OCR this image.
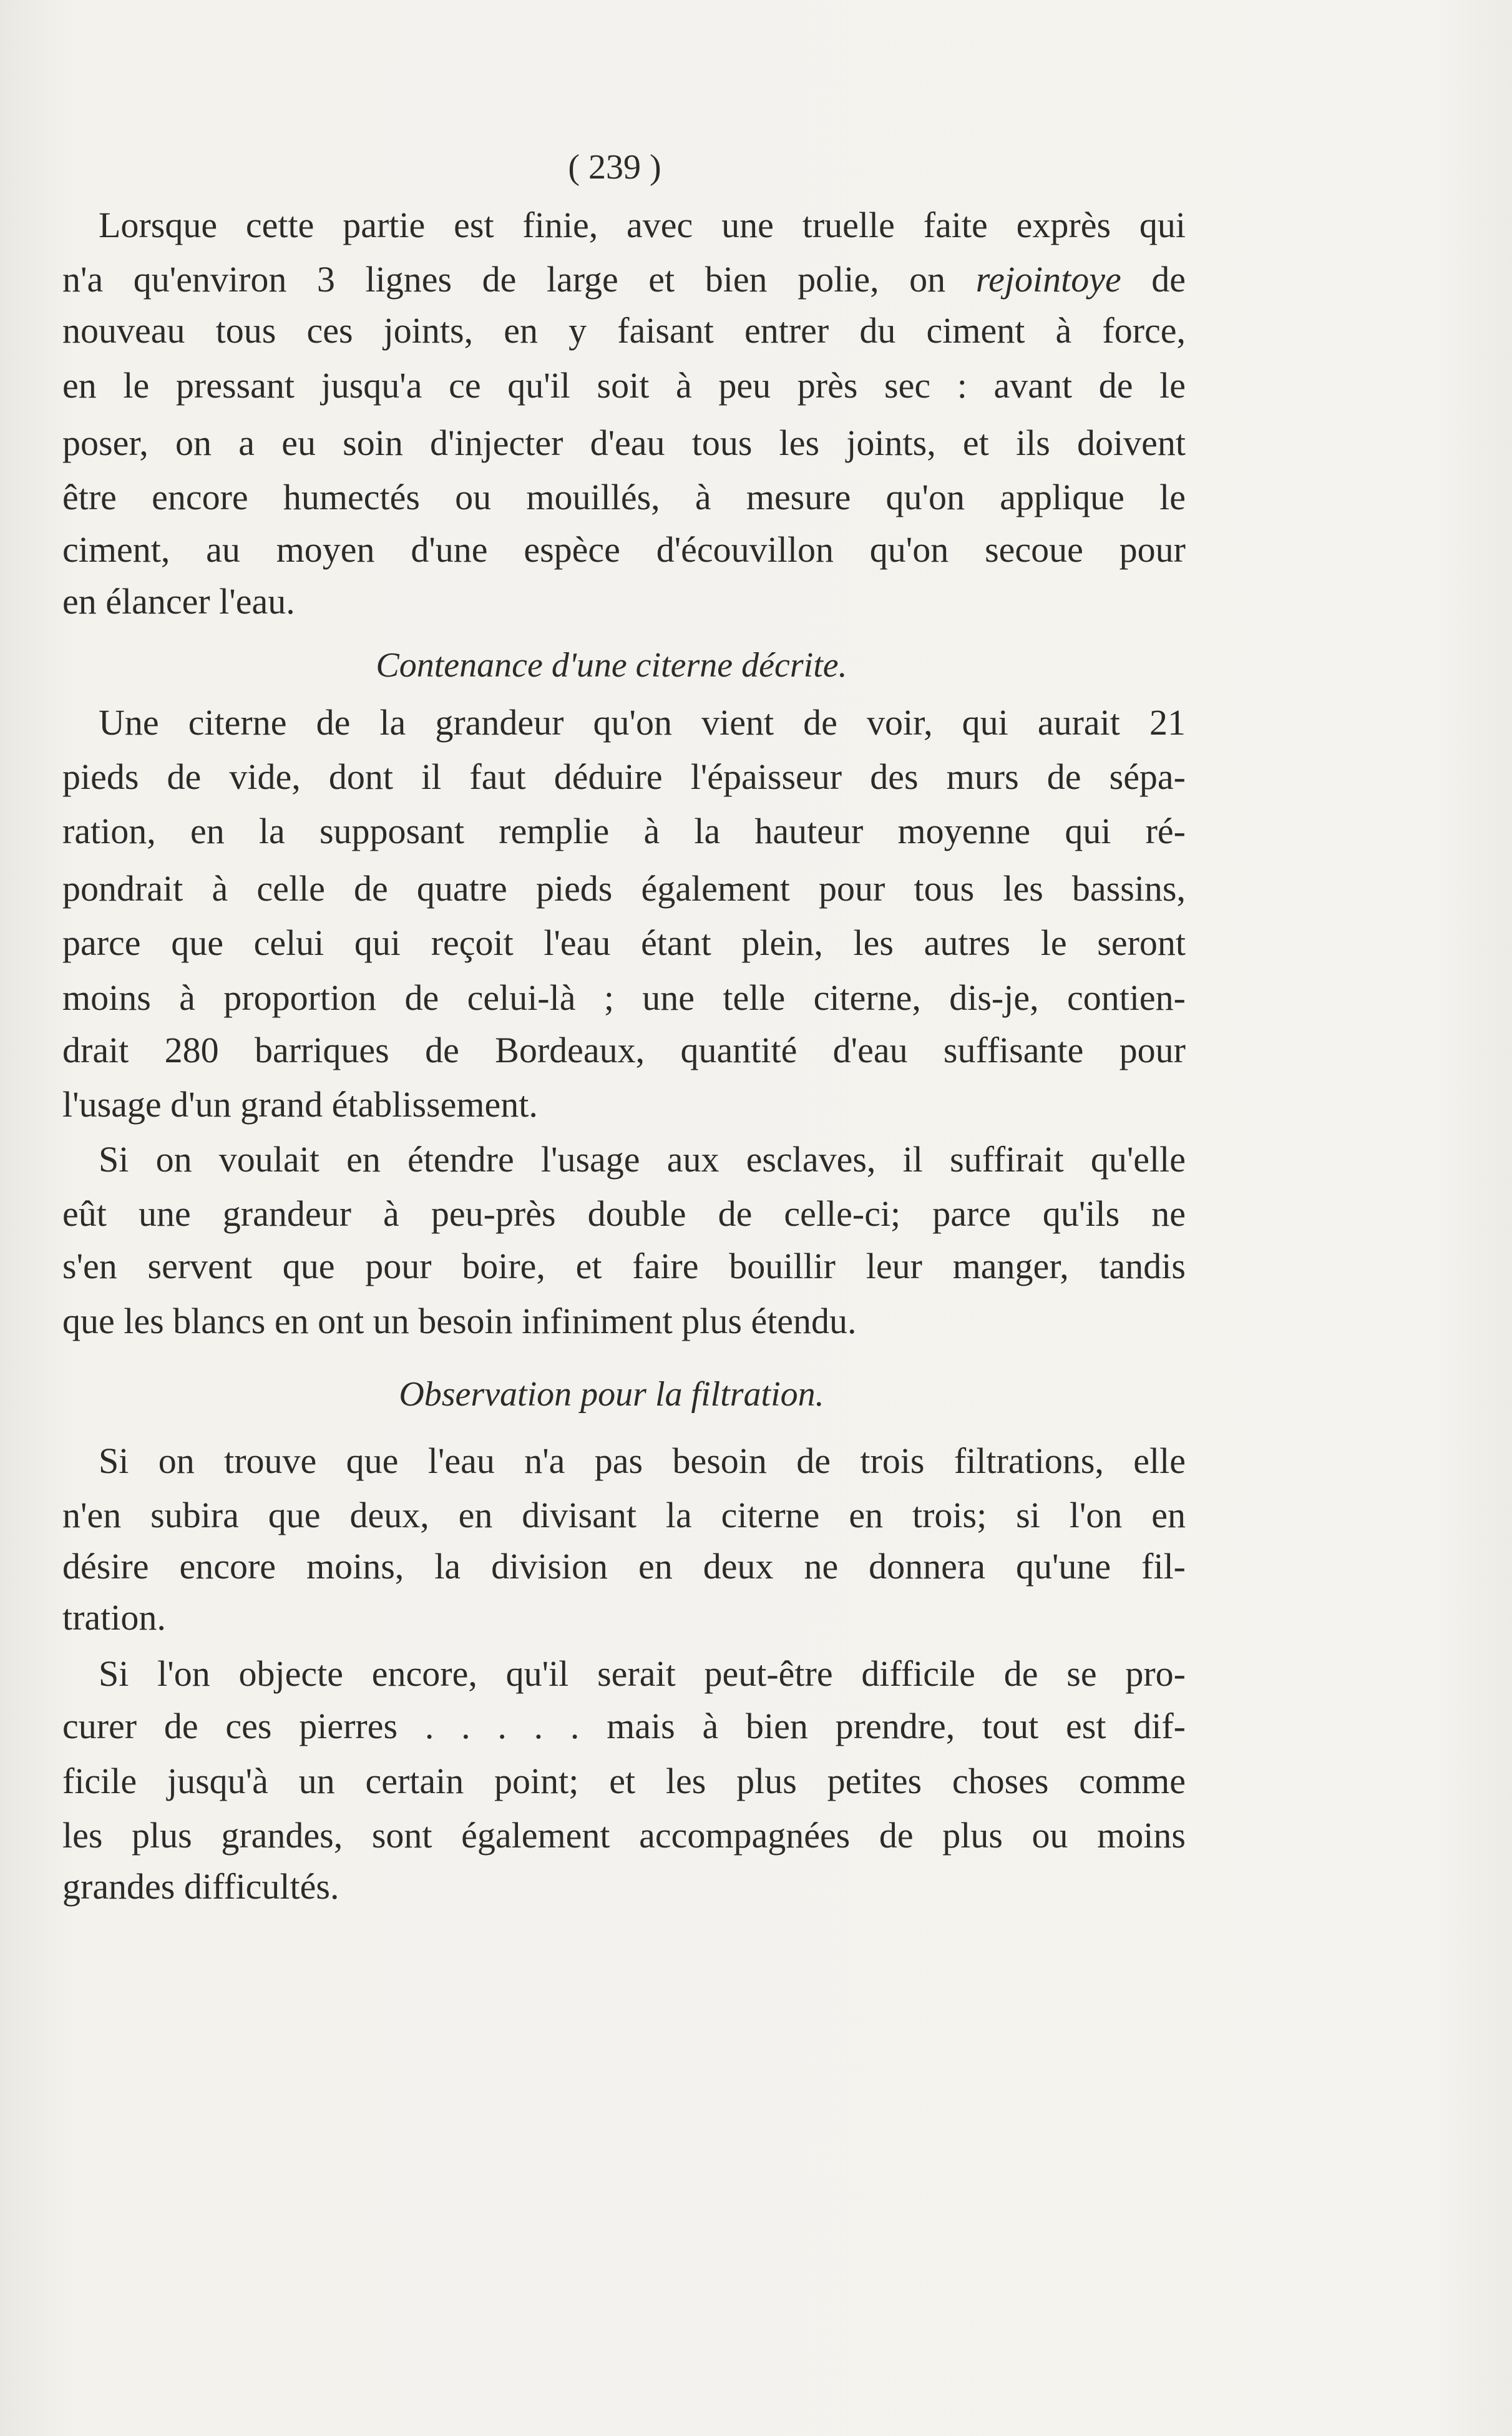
( 239 )
Lorsque cette partie est finie, avec une truelle faite exprès qui
n'a qu'environ 3 lignes de large et bien polie, on rejointoye de
nouveau tous ces joints, en y faisant entrer du ciment à force,
en le pressant jusqu'a ce qu'il soit à peu près sec : avant de le
poser, on a eu soin d'injecter d'eau tous les joints, et ils doivent
être encore humectés ou mouillés, à mesure qu'on applique le
ciment, au moyen d'une espèce d'écouvillon qu'on secoue pour
en élancer l'eau.
Contenance d'une citerne décrite.
Une citerne de la grandeur qu'on vient de voir, qui aurait 21
pieds de vide, dont il faut déduire l'épaisseur des murs de sépa-
ration, en la supposant remplie à la hauteur moyenne qui ré-
pondrait à celle de quatre pieds également pour tous les bassins,
parce que celui qui reçoit l'eau étant plein, les autres le seront
moins à proportion de celui-là ; une telle citerne, dis-je, contien-
drait 280 barriques de Bordeaux, quantité d'eau suffisante pour
l'usage d'un grand établissement.
Si on voulait en étendre l'usage aux esclaves, il suffirait qu'elle
eût une grandeur à peu-près double de celle-ci; parce qu'ils ne
s'en servent que pour boire, et faire bouillir leur manger, tandis
que les blancs en ont un besoin infiniment plus étendu.
Observation pour la filtration.
Si on trouve que l'eau n'a pas besoin de trois filtrations, elle
n'en subira que deux, en divisant la citerne en trois; si l'on en
désire encore moins, la division en deux ne donnera qu'une fil-
tration.
Si l'on objecte encore, qu'il serait peut-être difficile de se pro-
curer de ces pierres . . . . . mais à bien prendre, tout est dif-
ficile jusqu'à un certain point; et les plus petites choses comme
les plus grandes, sont également accompagnées de plus ou moins
grandes difficultés.
